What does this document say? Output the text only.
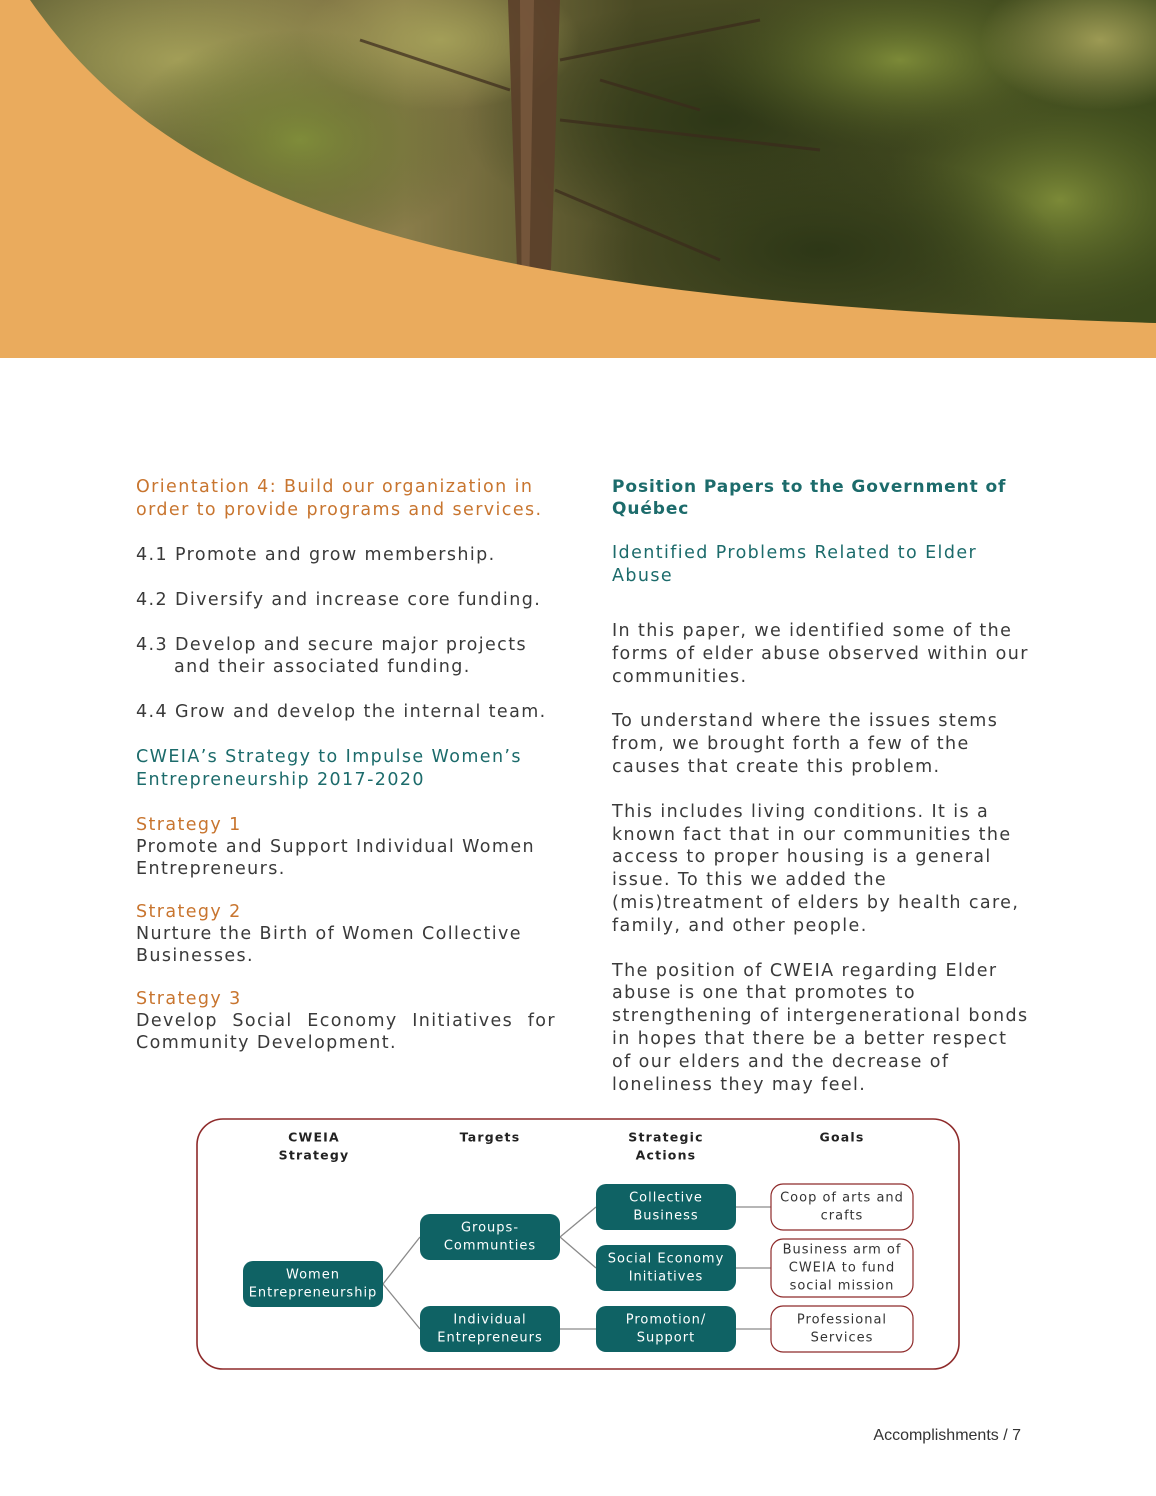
Orientation 4: Build our organization in order to provide programs and services.
4.1 Promote and grow membership.
4.2 Diversify and increase core funding.
4.3 Develop and secure major projects and their associated funding.
4.4 Grow and develop the internal team.
CWEIA’s Strategy to Impulse Women’s Entrepreneurship 2017-2020
Strategy 1
Promote and Support Individual Women Entrepreneurs.
Strategy 2
Nurture the Birth of Women Collective Businesses.
Strategy 3
Develop Social Economy Initiatives for Community Development.
Position Papers to the Government of Québec
Identified Problems Related to Elder Abuse

In this paper, we identified some of the forms of elder abuse observed within our communities.

To understand where the issues stems from, we brought forth a few of the causes that create this problem.

This includes living conditions. It is a known fact that in our communities the access to proper housing is a general issue. To this we added the (mis)treatment of elders by health care, family, and other people.

The position of CWEIA regarding Elder abuse is one that promotes to strengthening of intergenerational bonds in hopes that there be a better respect of our elders and the decrease of loneliness they may feel.

CWEIA
Strategy
Targets	Strategic
Actions
Goals
Women
Entrepreneurship
Groups-
Communties
Individual
Entrepreneurs
Collective
Business
Social Economy
Initiatives
Promotion/
Support
Coop of arts and
crafts
Business arm of
CWEIA to fund
social mission
Professional
Services
Accomplishments / 7
